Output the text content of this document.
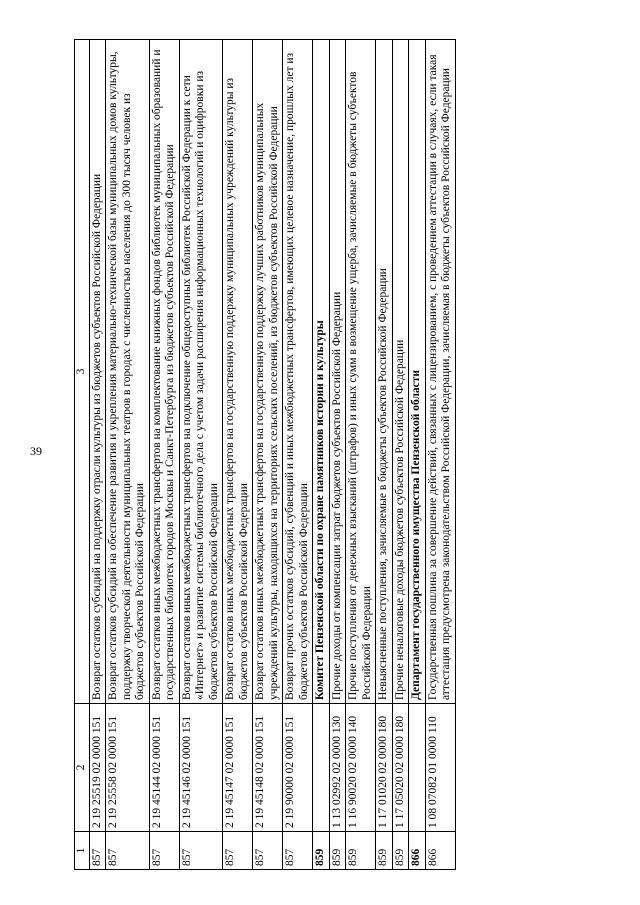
39
1	2	3
857	2 19 25519 02 0000 151	Возврат остатков субсидий на поддержку отрасли культуры из бюджетов субъектов Российской Федерации
857	2 19 25558 02 0000 151	Возврат остатков субсидий на обеспечение развития и укрепления материально-технической базы муниципальных домов культуры, поддержку творческой деятельности муниципальных театров в городах с численностью населения до 300 тысяч человек из бюджетов субъектов Российской Федерации
857	2 19 45144 02 0000 151	Возврат остатков иных межбюджетных трансфертов на комплектование книжных фондов библиотек муниципальных образований и государственных библиотек городов Москвы и Санкт-Петербурга из бюджетов субъектов Российской Федерации
857	2 19 45146 02 0000 151	Возврат остатков иных межбюджетных трансфертов на подключение общедоступных библиотек Российской Федерации к сети «Интернет» и развитие системы библиотечного дела с учетом задачи расширения информационных технологий и оцифровки из бюджетов субъектов Российской Федерации
857	2 19 45147 02 0000 151	Возврат остатков иных межбюджетных трансфертов на государственную поддержку муниципальных учреждений культуры из бюджетов субъектов Российской Федерации
857	2 19 45148 02 0000 151	Возврат остатков иных межбюджетных трансфертов на государственную поддержку лучших работников муниципальных учреждений культуры, находящихся на территориях сельских поселений, из бюджетов субъектов Российской Федерации
857	2 19 90000 02 0000 151	Возврат прочих остатков субсидий, субвенций и иных межбюджетных трансфертов, имеющих целевое назначение, прошлых лет из бюджетов субъектов Российской Федерации
859		Комитет Пензенской области по охране памятников истории и культуры
859	1 13 02992 02 0000 130	Прочие доходы от компенсации затрат бюджетов субъектов Российской Федерации
859	1 16 90020 02 0000 140	Прочие поступления от денежных взысканий (штрафов) и иных сумм в возмещение ущерба, зачисляемые в бюджеты субъектов Российской Федерации
859	1 17 01020 02 0000 180	Невыясненные поступления, зачисляемые в бюджеты субъектов Российской Федерации
859	1 17 05020 02 0000 180	Прочие неналоговые доходы бюджетов субъектов Российской Федерации
866		Департамент государственного имущества Пензенской области
866	1 08 07082 01 0000 110	Государственная пошлина за совершение действий, связанных с лицензированием, с проведением аттестации в случаях, если такая аттестация предусмотрена законодательством Российской Федерации, зачисляемая в бюджеты субъектов Российской Федерации
